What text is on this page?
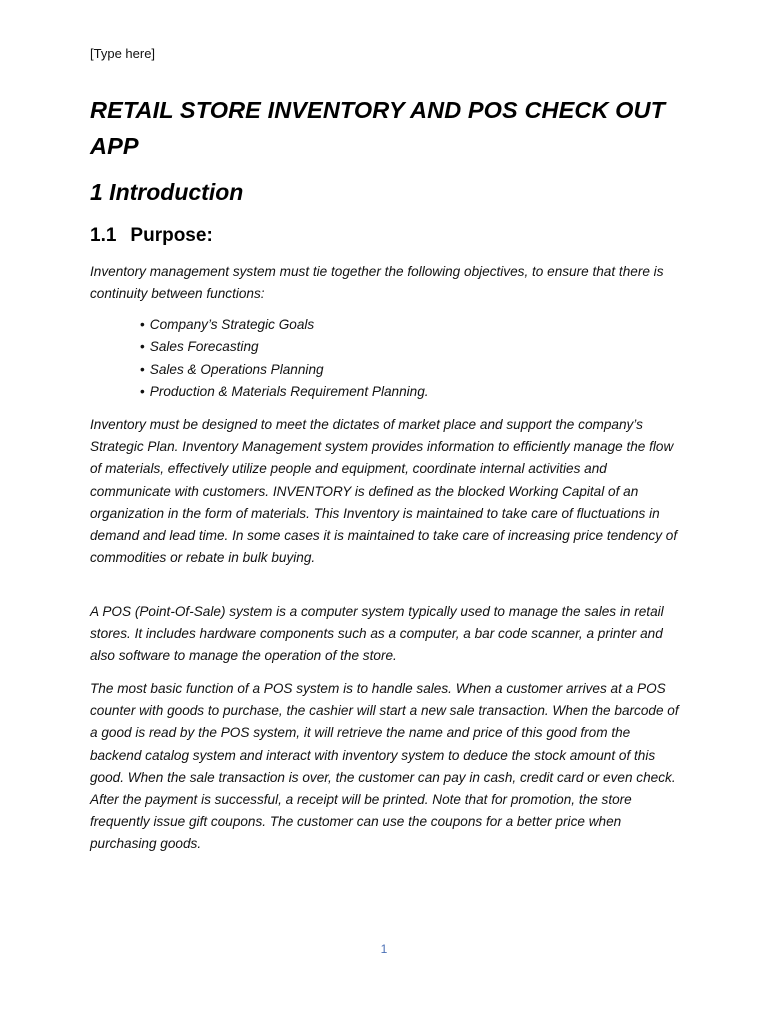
[Type here]
RETAIL STORE INVENTORY AND POS CHECK OUT APP
1 Introduction
1.1 Purpose:

Inventory management system must tie together the following objectives, to ensure that there is continuity between functions:

• Company’s Strategic Goals
• Sales Forecasting
• Sales & Operations Planning
• Production & Materials Requirement Planning.

Inventory must be designed to meet the dictates of market place and support the company’s Strategic Plan. Inventory Management system provides information to efficiently manage the flow of materials, effectively utilize people and equipment, coordinate internal activities and communicate with customers. INVENTORY is defined as the blocked Working Capital of an organization in the form of materials. This Inventory is maintained to take care of fluctuations in demand and lead time. In some cases it is maintained to take care of increasing price tendency of commodities or rebate in bulk buying.

A POS (Point-Of-Sale) system is a computer system typically used to manage the sales in retail stores. It includes hardware components such as a computer, a bar code scanner, a printer and also software to manage the operation of the store.

The most basic function of a POS system is to handle sales. When a customer arrives at a POS counter with goods to purchase, the cashier will start a new sale transaction. When the barcode of a good is read by the POS system, it will retrieve the name and price of this good from the backend catalog system and interact with inventory system to deduce the stock amount of this good. When the sale transaction is over, the customer can pay in cash, credit card or even check. After the payment is successful, a receipt will be printed. Note that for promotion, the store frequently issue gift coupons. The customer can use the coupons for a better price when purchasing goods.

1
